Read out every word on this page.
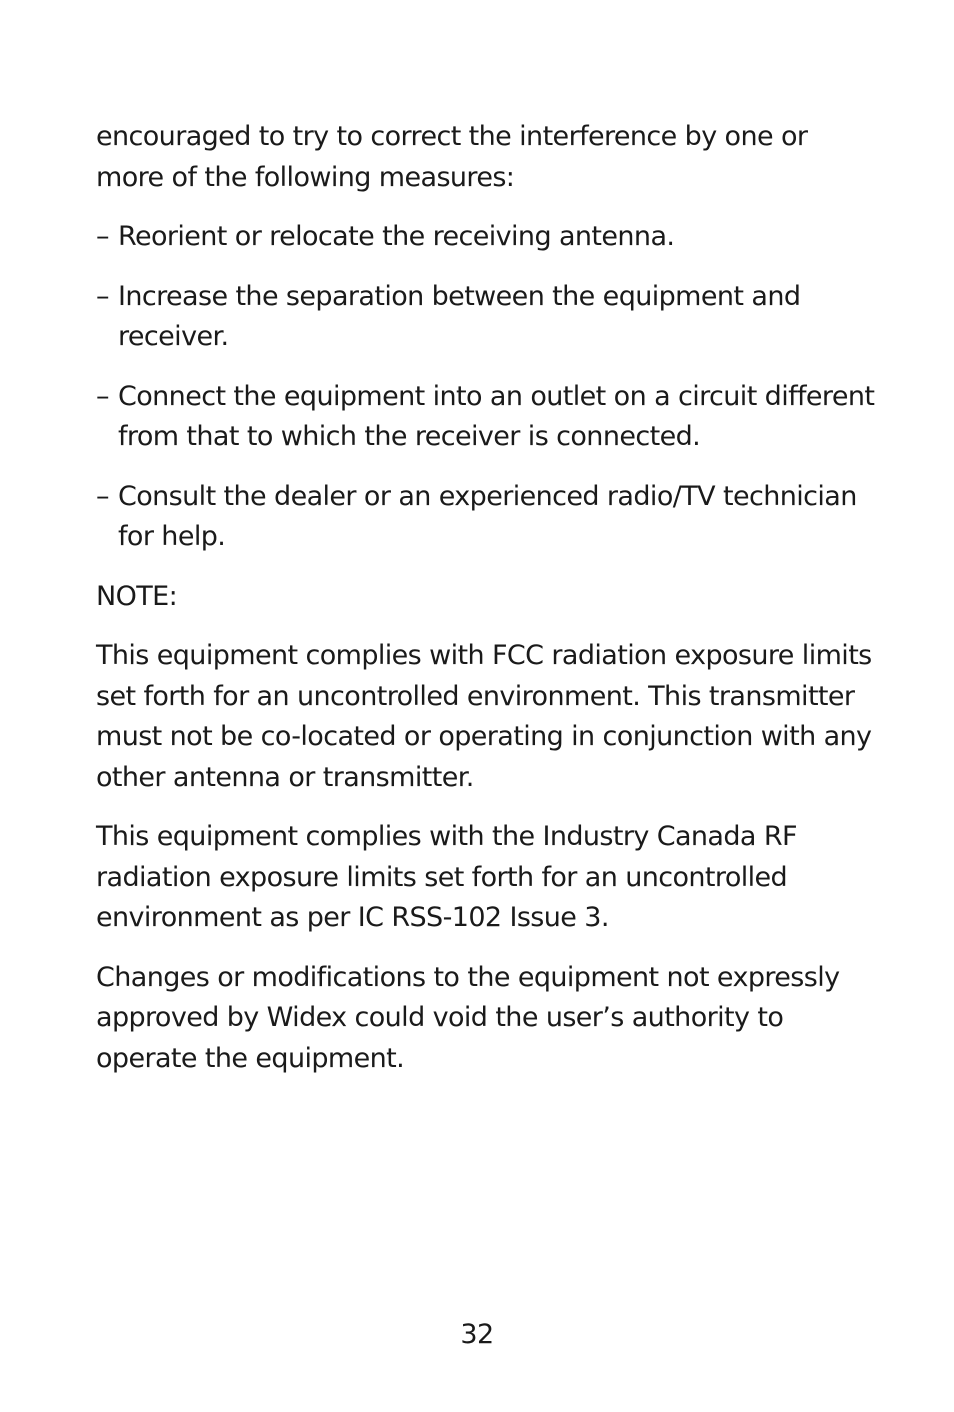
encouraged to try to correct the interference by one or more of the following measures:

– Reorient or relocate the receiving antenna.
– Increase the separation between the equipment and receiver.
– Connect the equipment into an outlet on a circuit different from that to which the receiver is connected.
– Consult the dealer or an experienced radio/TV technician for help.

NOTE:

This equipment complies with FCC radiation exposure limits set forth for an uncontrolled environment. This transmitter must not be co-located or operating in conjunction with any other antenna or transmitter.

This equipment complies with the Industry Canada RF radiation exposure limits set forth for an uncontrolled environment as per IC RSS-102 Issue 3.

Changes or modifications to the equipment not expressly approved by Widex could void the user’s authority to operate the equipment.

32
